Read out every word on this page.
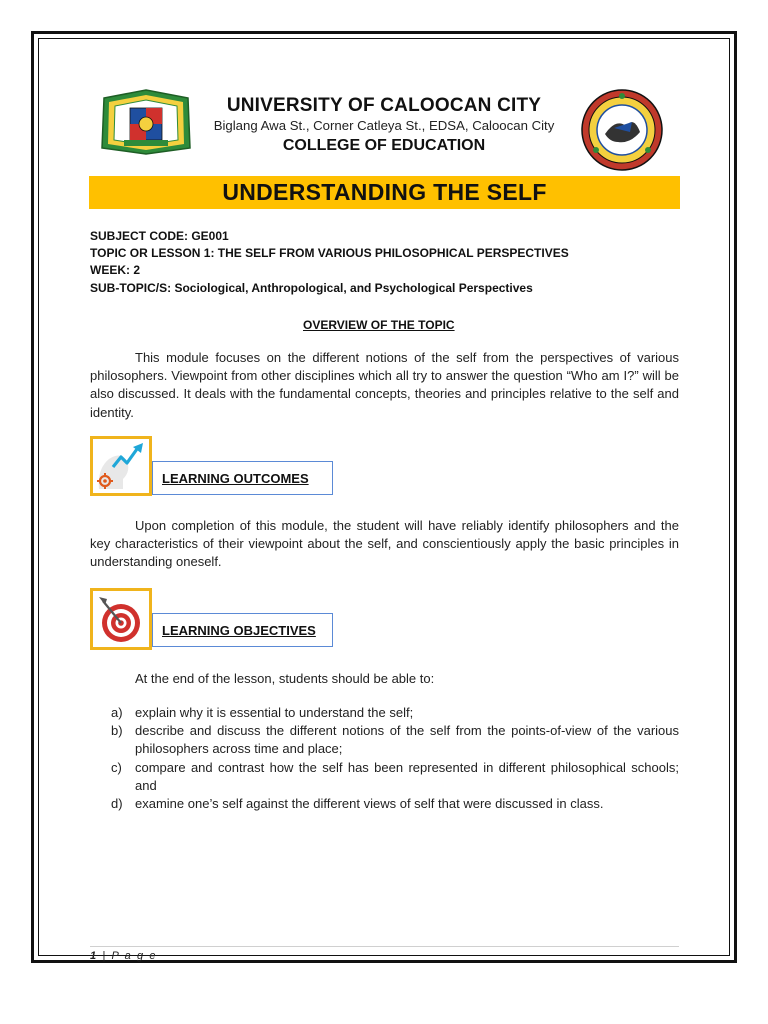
UNIVERSITY OF CALOOCAN CITY
Biglang Awa St., Corner Catleya St., EDSA, Caloocan City
COLLEGE OF EDUCATION
UNDERSTANDING THE SELF
SUBJECT CODE: GE001
TOPIC OR LESSON 1: THE SELF FROM VARIOUS PHILOSOPHICAL PERSPECTIVES
WEEK: 2
SUB-TOPIC/S: Sociological, Anthropological, and Psychological Perspectives
OVERVIEW OF THE TOPIC
This module focuses on the different notions of the self from the perspectives of various philosophers. Viewpoint from other disciplines which all try to answer the question “Who am I?” will be also discussed. It deals with the fundamental concepts, theories and principles relative to the self and identity.
LEARNING OUTCOMES
Upon completion of this module, the student will have reliably identify philosophers and the key characteristics of their viewpoint about the self, and conscientiously apply the basic principles in understanding oneself.
LEARNING OBJECTIVES
At the end of the lesson, students should be able to:
a) explain why it is essential to understand the self;
b) describe and discuss the different notions of the self from the points-of-view of the various philosophers across time and place;
c) compare and contrast how the self has been represented in different philosophical schools; and
d) examine one’s self against the different views of self that were discussed in class.
1 | P a g e
